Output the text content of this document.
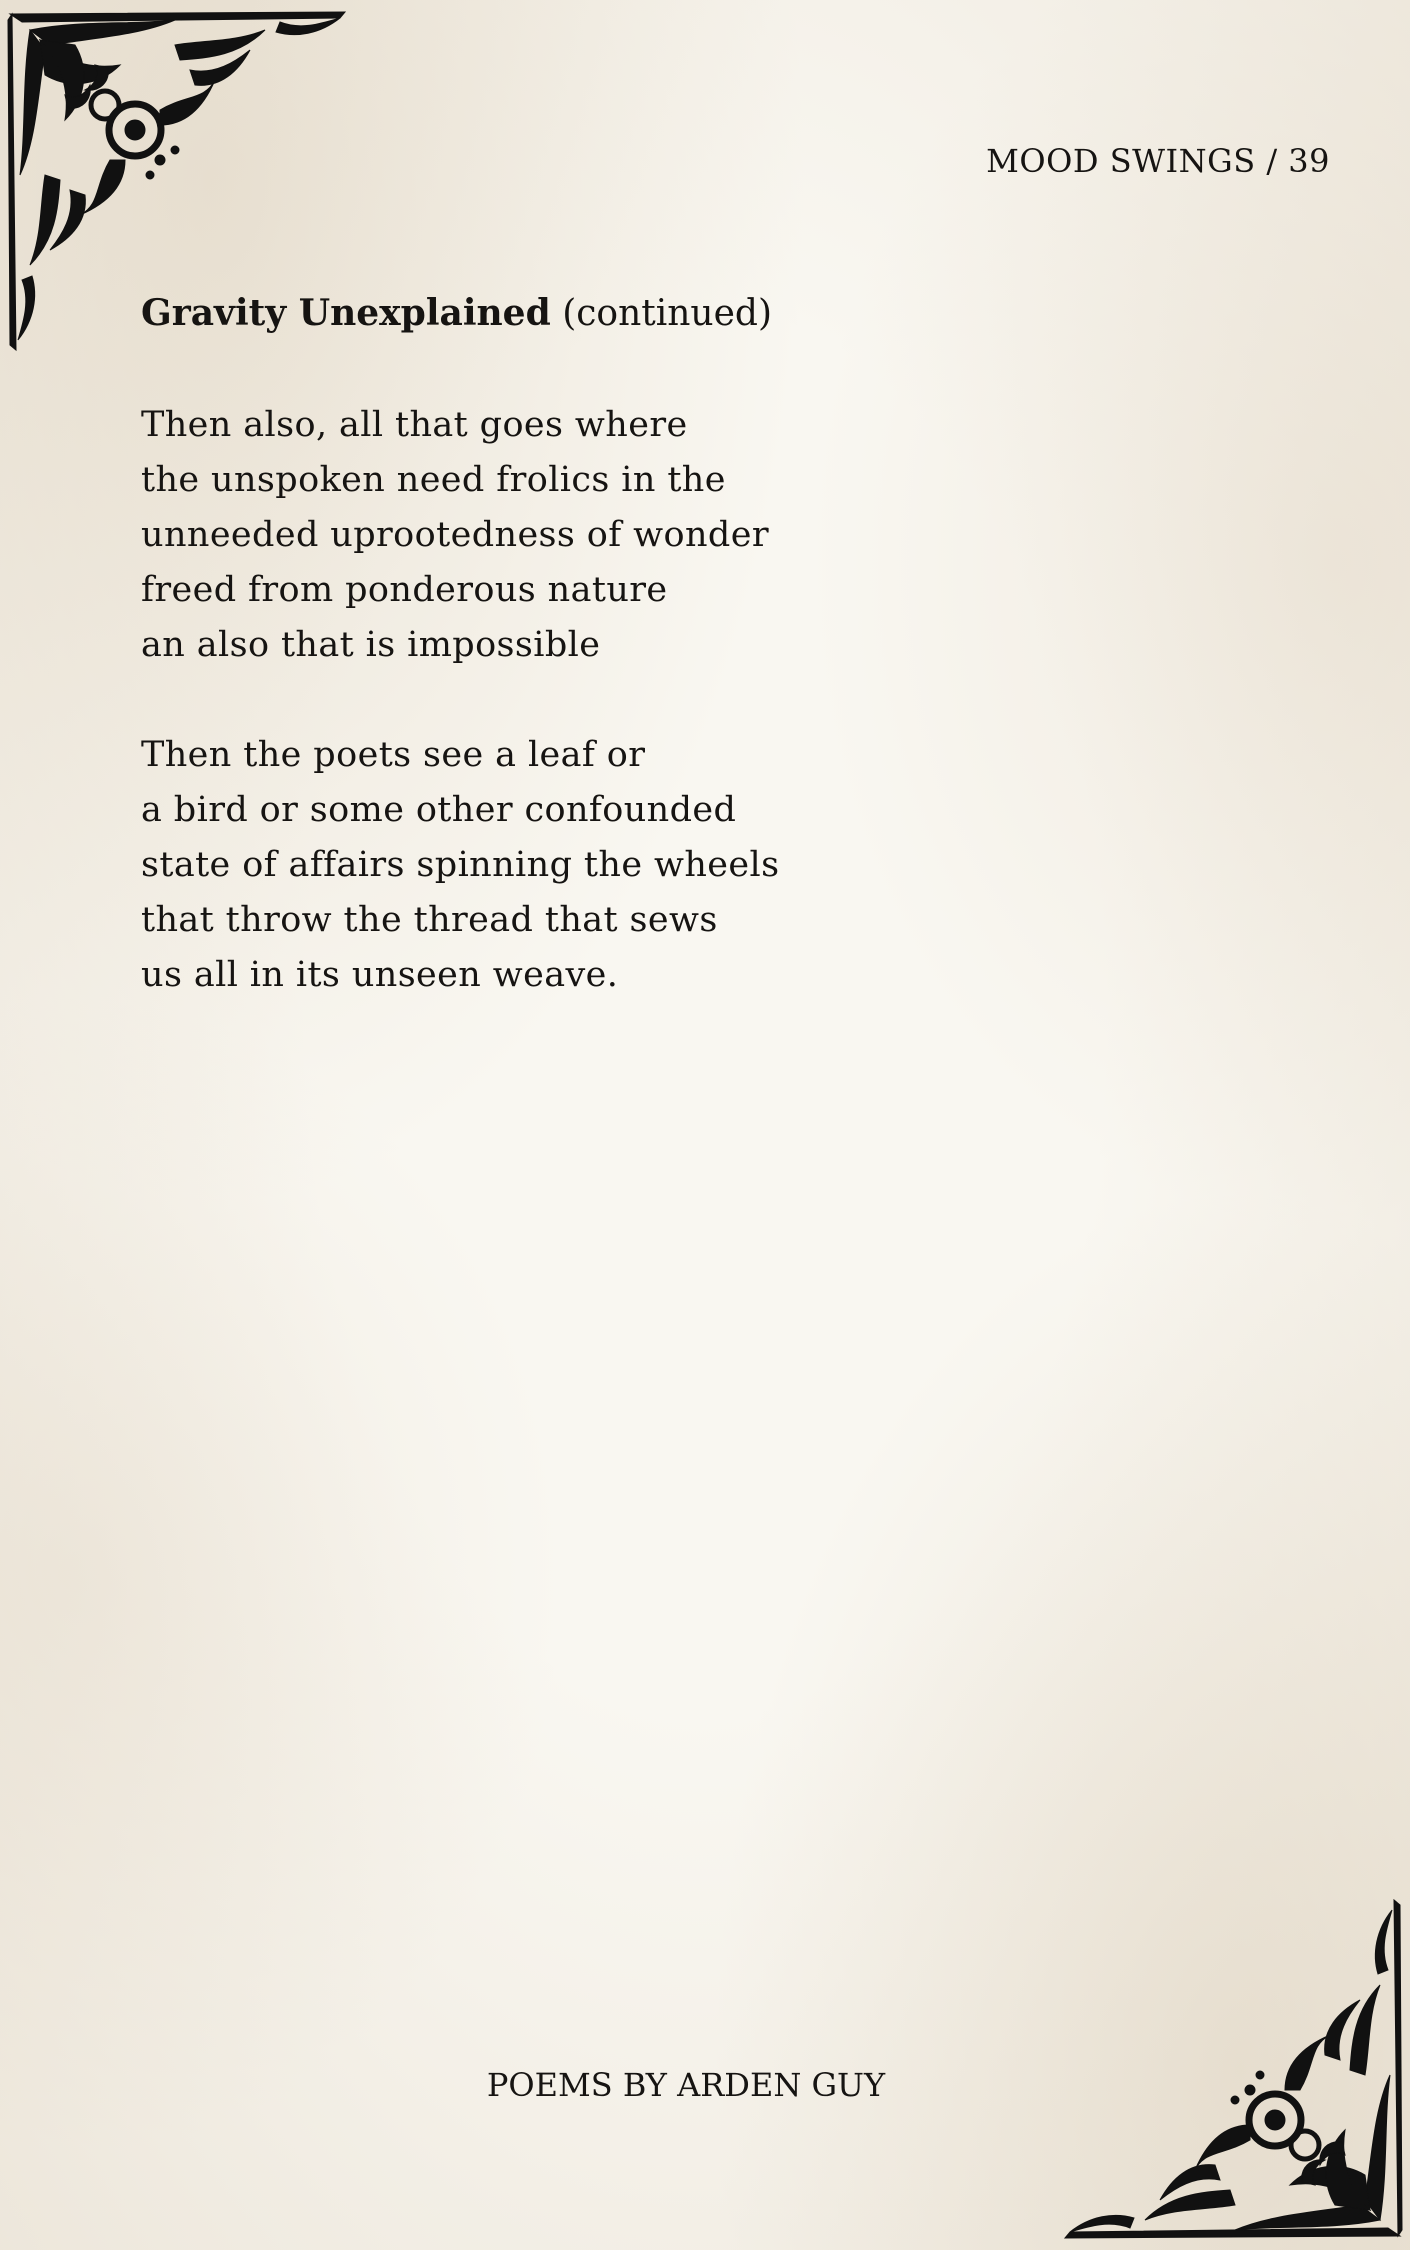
MOOD SWINGS / 39
Gravity Unexplained (continued)
Then also, all that goes where
the unspoken need frolics in the
unneeded uprootedness of wonder
freed from ponderous nature
an also that is impossible
Then the poets see a leaf or
a bird or some other confounded
state of affairs spinning the wheels
that throw the thread that sews
us all in its unseen weave.
POEMS BY ARDEN GUY
